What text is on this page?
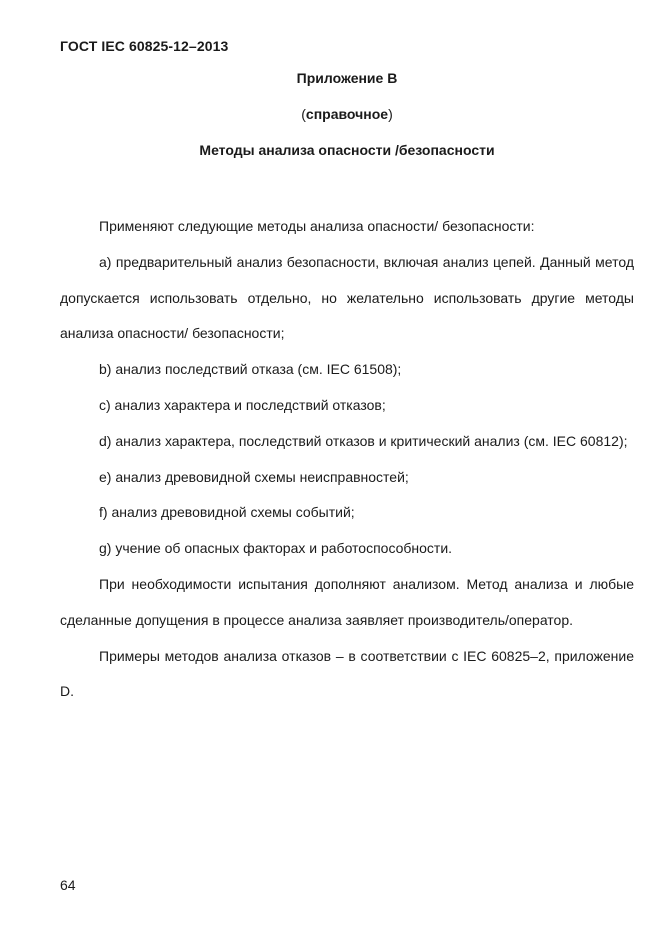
ГОСТ IEC 60825-12–2013
Приложение В
(справочное)
Методы анализа опасности /безопасности

Применяют следующие методы анализа опасности/ безопасности:

а) предварительный анализ безопасности, включая анализ цепей. Данный метод допускается использовать отдельно, но желательно использовать другие методы анализа опасности/ безопасности;

b) анализ последствий отказа (см. IEC 61508);

с) анализ характера и последствий отказов;

d) анализ характера, последствий отказов и критический анализ (см. IEC 60812);

е) анализ древовидной схемы неисправностей;

f) анализ древовидной схемы событий;

g) учение об опасных факторах и работоспособности.

При необходимости испытания дополняют анализом. Метод анализа и любые сделанные допущения в процессе анализа заявляет производитель/оператор.

Примеры методов анализа отказов – в соответствии с IEC 60825–2, приложение D.

64
